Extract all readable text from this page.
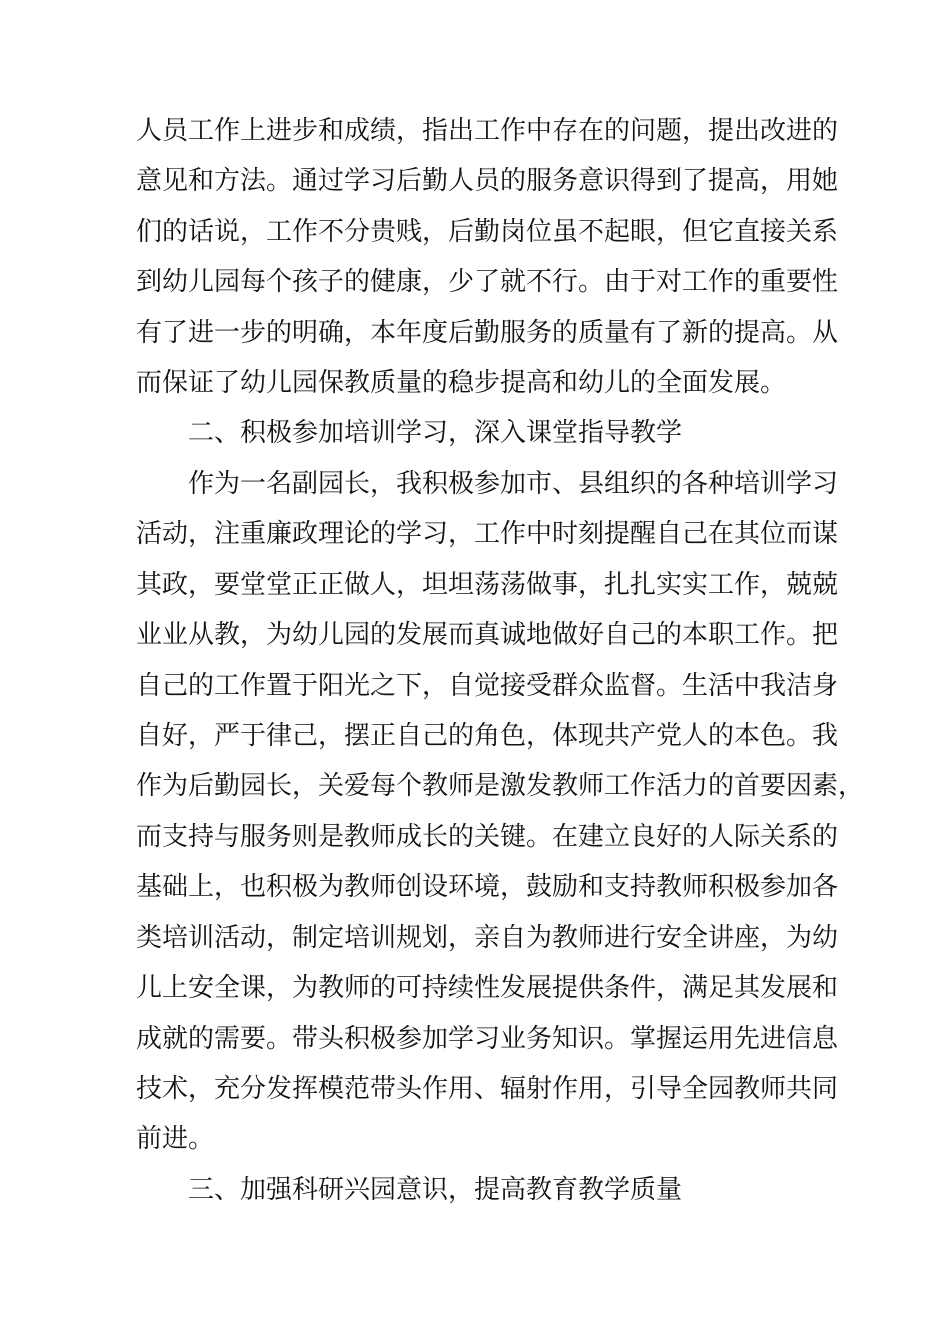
人员工作上进步和成绩，指出工作中存在的问题，提出改进的
意见和方法。通过学习后勤人员的服务意识得到了提高，用她
们的话说，工作不分贵贱，后勤岗位虽不起眼，但它直接关系
到幼儿园每个孩子的健康，少了就不行。由于对工作的重要性
有了进一步的明确，本年度后勤服务的质量有了新的提高。从
而保证了幼儿园保教质量的稳步提高和幼儿的全面发展。
二、积极参加培训学习，深入课堂指导教学
作为一名副园长，我积极参加市、县组织的各种培训学习
活动，注重廉政理论的学习，工作中时刻提醒自己在其位而谋
其政，要堂堂正正做人，坦坦荡荡做事，扎扎实实工作，兢兢
业业从教，为幼儿园的发展而真诚地做好自己的本职工作。把
自己的工作置于阳光之下，自觉接受群众监督。生活中我洁身
自好，严于律己，摆正自己的角色，体现共产党人的本色。我
作为后勤园长，关爱每个教师是激发教师工作活力的首要因素，
而支持与服务则是教师成长的关键。在建立良好的人际关系的
基础上，也积极为教师创设环境，鼓励和支持教师积极参加各
类培训活动，制定培训规划，亲自为教师进行安全讲座，为幼
儿上安全课，为教师的可持续性发展提供条件，满足其发展和
成就的需要。带头积极参加学习业务知识。掌握运用先进信息
技术，充分发挥模范带头作用、辐射作用，引导全园教师共同
前进。
三、加强科研兴园意识，提高教育教学质量
